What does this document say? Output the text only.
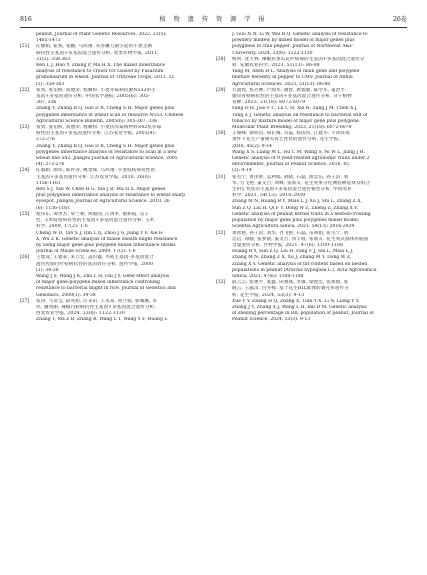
816	植 物 遗 传 资 源 学 报	26卷
peanut. Journal of Plant Genetic Resources, 2022, 23(5):
1465-1473
[21] 任丽娟, 霍燕, 张鹏, 马鸿翔. 禾谷镰刀菌引起的小麦茎腐
病抗性主基因+多基因混合遗传分析. 麦类作物学报, 2011,
31(2): 358-363
Ren L J, Huo Y, Zhang P, Ma H X. The mixed inheritance
analysis of resistance to crown rot caused by Fusarium
graminearum in wheat. Journal of Triticeae Crops, 2011, 31
(2): 358-363
[22] 张勇, 张伯桥, 高德荣, 程顺和. 小麦赤霉病抗源N553的主
基因+多基因遗传分析. 中国农学通报, 2005(6): 305-
307, 336
Zhang Y, Zhang B Q, Gao D R, Cheng S H. Major genes plus
polygenes inheritance of wheat scab in resource N553. Chinese
Agricultural Science Bulletin, 2005(6): 305-307, 336
[23] 张勇, 张伯桥, 高德荣, 程顺和. 小麦抗赤霉病材料S42抗赤霉
病性的主基因+多基因遗传分析. 江苏农业学报, 2005(4):
272-276
Zhang Y, Zhang B Q, Gao D R, Cheng S H. Major genes plus
polygenes inheritance analysis of resistance to scab in a new
wheat line S42. Jiangsu Journal of Agricultural Science, 2005
(4): 272-276
[24] 任淑娟, 颜伟, 陈怀谷, 姚金保, 马鸿翔. 小麦纹枯病抗性的
主基因+多基因遗传分析. 江苏农业学报, 2010, 26(6):
1156-1161
Ren S J, Yan W, Chen H G, Yao J B, Ma H X. Major genes
plus polygenes inheritance analysis of resistance to wheat sharp
eyespot. Jiangsu Journal of Agricultural Science, 2010, 26
(6): 1156-1161
[25] 程伟东, 谭世杰, 覃兰秋, 周锦国, 江禹奉, 谢和霞, 吴子
恺. 玉米纹枯病抗性的主基因+多基因混合遗传分析. 玉米
科学, 2009, 17(2): 1-6
Cheng W D, Tan X J, Qin L Q, Zhou J G, Jiang Y F, Xie H
X, Wu Z K. Genetic analysis of maize sheath blight resistance
by using major gene plus polygene mixed inheritance model.
Journal of Maize Sciences, 2009, 17(2): 1-6
[26] 王建设, 王建泰, 朱立宏, 盖钧镒. 水稻主基因-多基因混合
遗传控制白叶枯病抗性的基因效应分析. 遗传学报, 2000
(1): 34-38
Wang J S, Wang J K, Zhu L H, Gai J Y. Gene effect analysis
of major gene-polygene mixed inheritance controlling
resistance to bacterial blight in rice. Journal of Genetics and
Genomics, 2000(1): 34-38
[27] 张涛, 马亚宝, 薛兆如, 汪来田, 王永富, 黄立娟, 郭珊珊, 李
伟, 魏凤丽. 辣椒白粉病抗性主基因+多基因混合遗传分析.
西北农业学报, 2024, 33(6): 1122-1130
Zhang T, Ma Z B, Zhang R, Wang L T, Wang Y F, Huang L
J, Guo N N, Li W, Wei B Q. Genetic analysis of resistance to
powdery mildew by mixed model of major genes plus
polygenes in chili pepper. Journal of Northwest A&F
University, 2024, 33(6): 1122-1130
[28] 杨明, 沈大林. 辣椒抗黄瓜花叶病毒的主基因+多基因混合遗传分
析. 安徽农业科学, 2023, 51(13): 86-88
Yang M, Shen H L. Analysis of main gene and polygene
mixture heredity in pepper to CMV. Journal of Anhui
Agricultural Sciences, 2023, 51(13): 86-88
[29] 方敦煌, 焦芳婵, 卢灿华, 谢智, 唐骏敏, 陈学军, 董治平.
烟草青枯病抗性的主基因+多基因混合遗传分析. 分子植物
育种, 2023, 21(18): 6072-6079
Fang D H, Jiao F C, Lu C H, Xie H, Zang J M, Chen X J,
Tong Z J. Genetic analysis on resistance to bacterial wilt of
tobacco by mixture model of major gene plus polygene.
Molecular Plant Breeding, 2023, 21(18): 6072-6079
[30] 王俊峰, 梁明昌, 胡长梅, 宫磊, 程雨彤, 江建华. 不同环境
条件下花生产量相关农艺性状的遗传分析. 花生学报,
2016, 45(2): 9-14
Wang X S, Liang M L, Hu C M, Wang S, Ni W L, Jiang J H.
Genetic analysis of 9 yield-related agronomic traits under 2
environments. Journal of Peanut Science, 2016, 45
(2): 9-14
[31] 张毛宁, 黄泽艳, 孟利娟, 胡晓, 石磊, 淮忠信, 孙子淇, 刘
华, 方飞艳, 董文召, 周峰, 张新友. 花生荚果分化测验种选择及组合
生料汇性状的主基因+多基因混合遗传模型分析. 中国农业
科学, 2021, 54(13): 2916-2939
Zhang M N, Huang B Y, Miao L J, Xu J, Shi L, Zhang Z X,
Sun Z Q, Liu H, Qi F Y, Dong W Z, Zheng Z, Zhang X Y.
Genetic analysis of peanut kernel traits in a nested-crossing
population by major gene plus polygenes mixed model.
Scientia Agricultura Sinica, 2021, 54(13): 2916-2939
[32] 黄冰艳, 孙子淇, 刘华, 齐飞艳, 石磊, 苗利娟, 张毛宁, 黄
忠信, 徐静, 张梦圆, 董文召, 汤丰收, 张新友. 花生果式群体的脂肪
含量遗传分析. 作物学报, 2021, 47(6): 1100-1108
Huang B Y, Sun Z Q, Liu H, Fang F J, Shi L, Miao L J,
Zhang M N, Zhang Z X, Xu J, Zhang M Y, Dong W Z,
Zhang X Y. Genetic analysis of fat content based on nested
populations in peanut (Arachis hypogaea L.). Acta Agronomica
Sinica, 2021, 47(6): 1100-1108
[33] 薛云云, 张惠平, 张鑫, 田燕燕, 李敏, 梁煌宏, 张加昭, 张
晓言, 王露汶, 白冬梅. 基于花生RIL群体的剥壳率遗传分
析. 花生学报, 2024, 53(3): 9-13
Xue Y Y, Zhang H Q, Zhang X, Tian Y X, Li N, Liang Y Y,
Zhang J Y, Zhang X J, Wang L H, Bai D M. Genetic analysis
of shelling percentage in RIL population of peanut. Journal of
Peanut Science, 2024, 53(3): 9-13
